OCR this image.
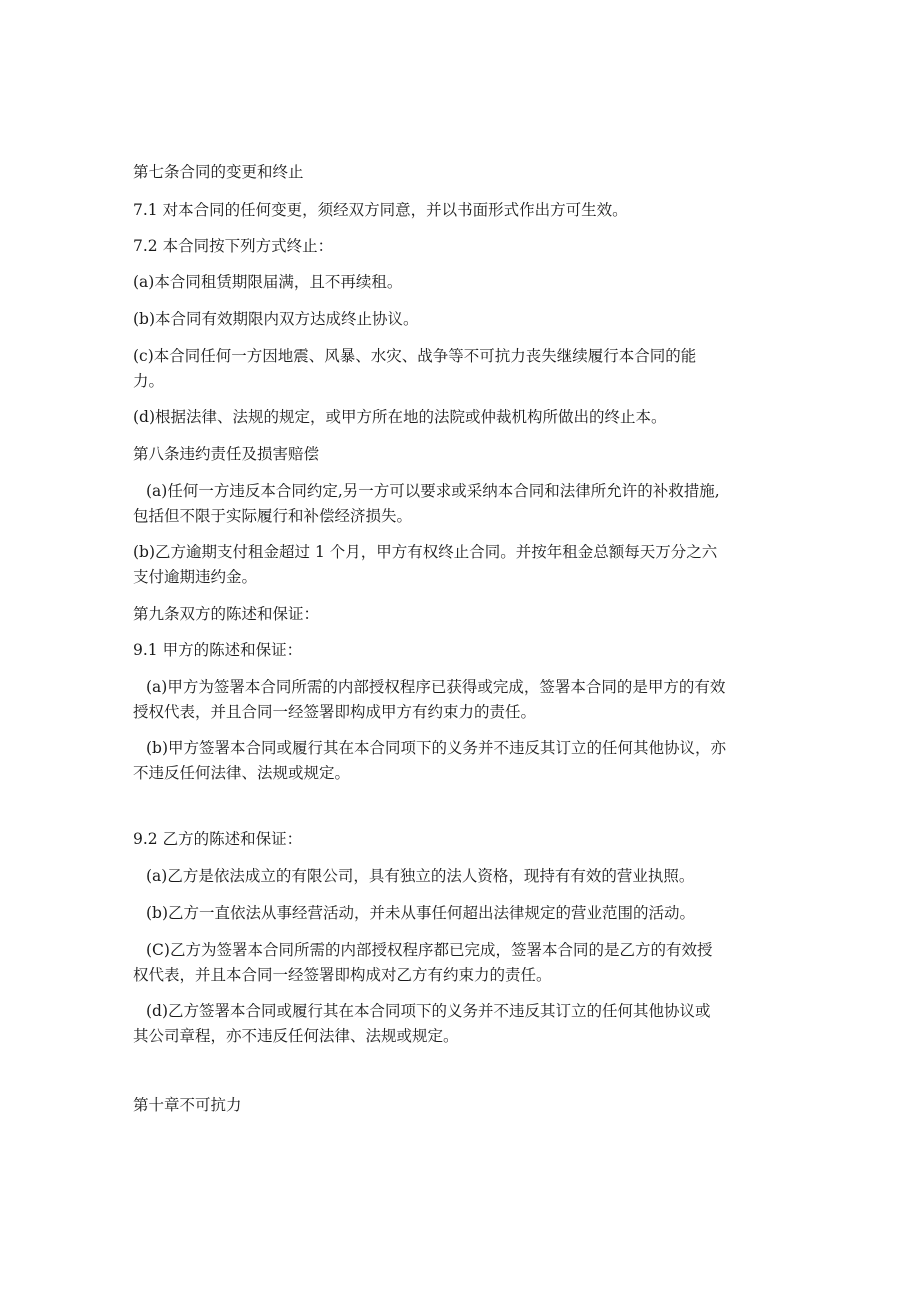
第七条合同的变更和终止

7.1 对本合同的任何变更，须经双方同意，并以书面形式作出方可生效。

7.2 本合同按下列方式终止：

(a)本合同租赁期限届满，且不再续租。

(b)本合同有效期限内双方达成终止协议。

(c)本合同任何一方因地震、风暴、水灾、战争等不可抗力丧失继续履行本合同的能

力。

(d)根据法律、法规的规定，或甲方所在地的法院或仲裁机构所做出的终止本。

第八条违约责任及损害赔偿

(a)任何一方违反本合同约定,另一方可以要求或采纳本合同和法律所允许的补救措施,

包括但不限于实际履行和补偿经济损失。

(b)乙方逾期支付租金超过 1 个月，甲方有权终止合同。并按年租金总额每天万分之六

支付逾期违约金。

第九条双方的陈述和保证：

9.1 甲方的陈述和保证：

(a)甲方为签署本合同所需的内部授权程序已获得或完成，签署本合同的是甲方的有效

授权代表，并且合同一经签署即构成甲方有约束力的责任。

(b)甲方签署本合同或履行其在本合同项下的义务并不违反其订立的任何其他协议，亦

不违反任何法律、法规或规定。

9.2 乙方的陈述和保证：

(a)乙方是依法成立的有限公司，具有独立的法人资格，现持有有效的营业执照。

(b)乙方一直依法从事经营活动，并未从事任何超出法律规定的营业范围的活动。

(C)乙方为签署本合同所需的内部授权程序都已完成，签署本合同的是乙方的有效授

权代表，并且本合同一经签署即构成对乙方有约束力的责任。

(d)乙方签署本合同或履行其在本合同项下的义务并不违反其订立的任何其他协议或

其公司章程，亦不违反任何法律、法规或规定。

第十章不可抗力
